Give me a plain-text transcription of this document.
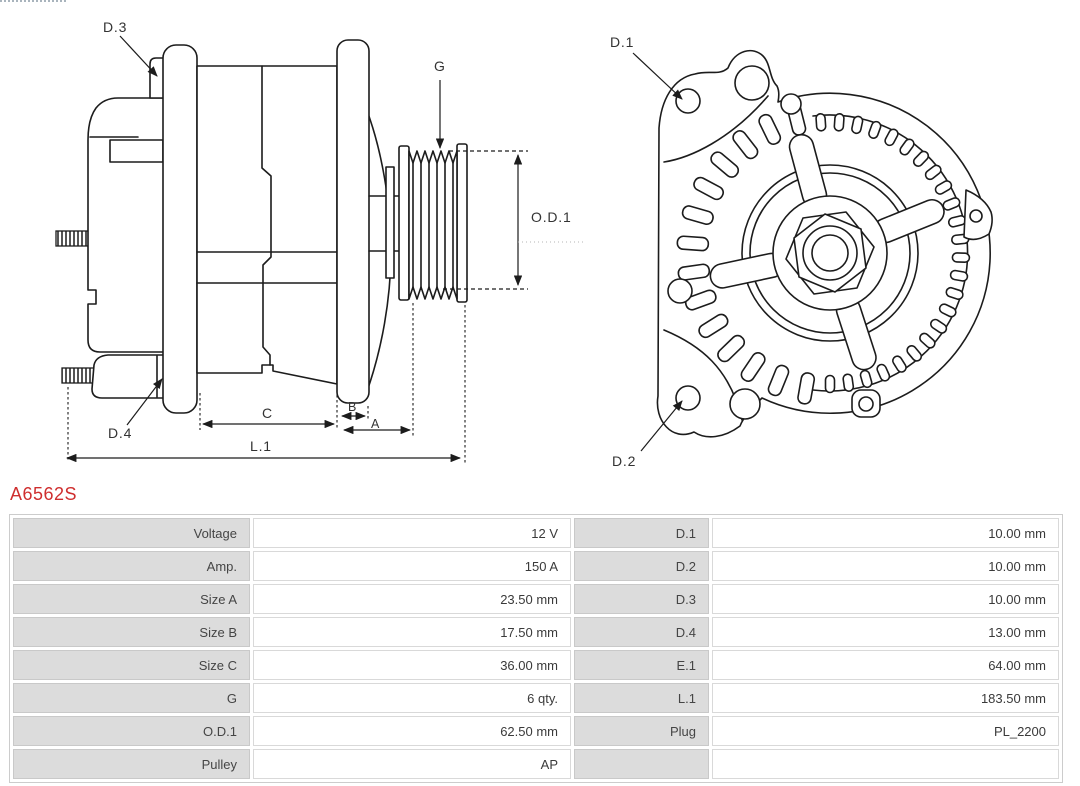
D.3
G
D.4
O.D.1
C	B
A
L.1
D.1
D.2
A6562S
Voltage	12 V	D.1	10.00 mm
Amp.	150 A	D.2	10.00 mm
Size A	23.50 mm	D.3	10.00 mm
Size B	17.50 mm	D.4	13.00 mm
Size C	36.00 mm	E.1	64.00 mm
G	6 qty.	L.1	183.50 mm
O.D.1	62.50 mm	Plug	PL_2200
Pulley	AP		
